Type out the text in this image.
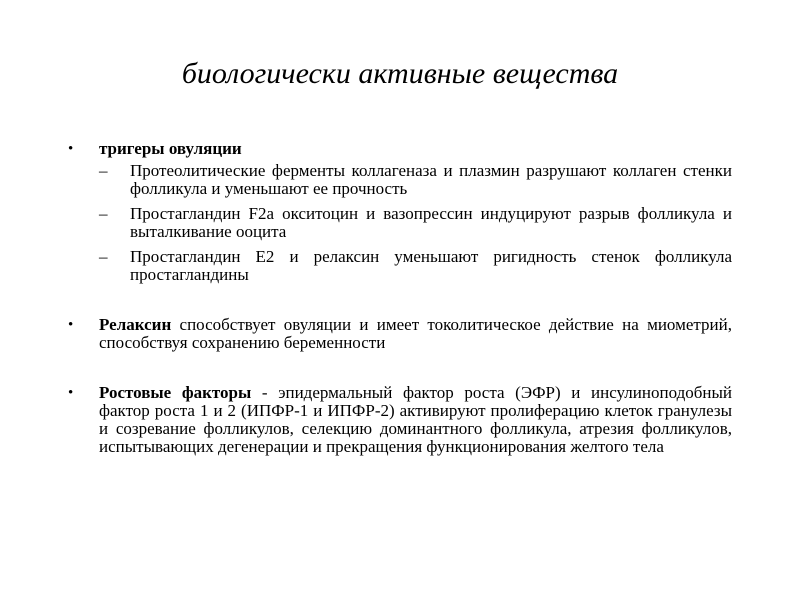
биологически активные вещества
• тригеры овуляции
– Протеолитические ферменты коллагеназа и плазмин разрушают коллаген стенки фолликула и уменьшают ее прочность
– Простагландин F2a окситоцин и вазопрессин индуцируют разрыв фолликула и выталкивание ооцита
– Простагландин Е2 и релаксин уменьшают ригидность стенок фолликула простагландины
• Релаксин способствует овуляции и имеет токолитическое действие на миометрий, способствуя сохранению беременности
• Ростовые факторы - эпидермальный фактор роста (ЭФР) и инсулиноподобный фактор роста 1 и 2 (ИПФР-1 и ИПФР-2) активируют пролиферацию клеток гранулезы и созревание фолликулов, селекцию доминантного фолликула, атрезия фолликулов, испытывающих дегенерации и прекращения функционирования желтого тела
